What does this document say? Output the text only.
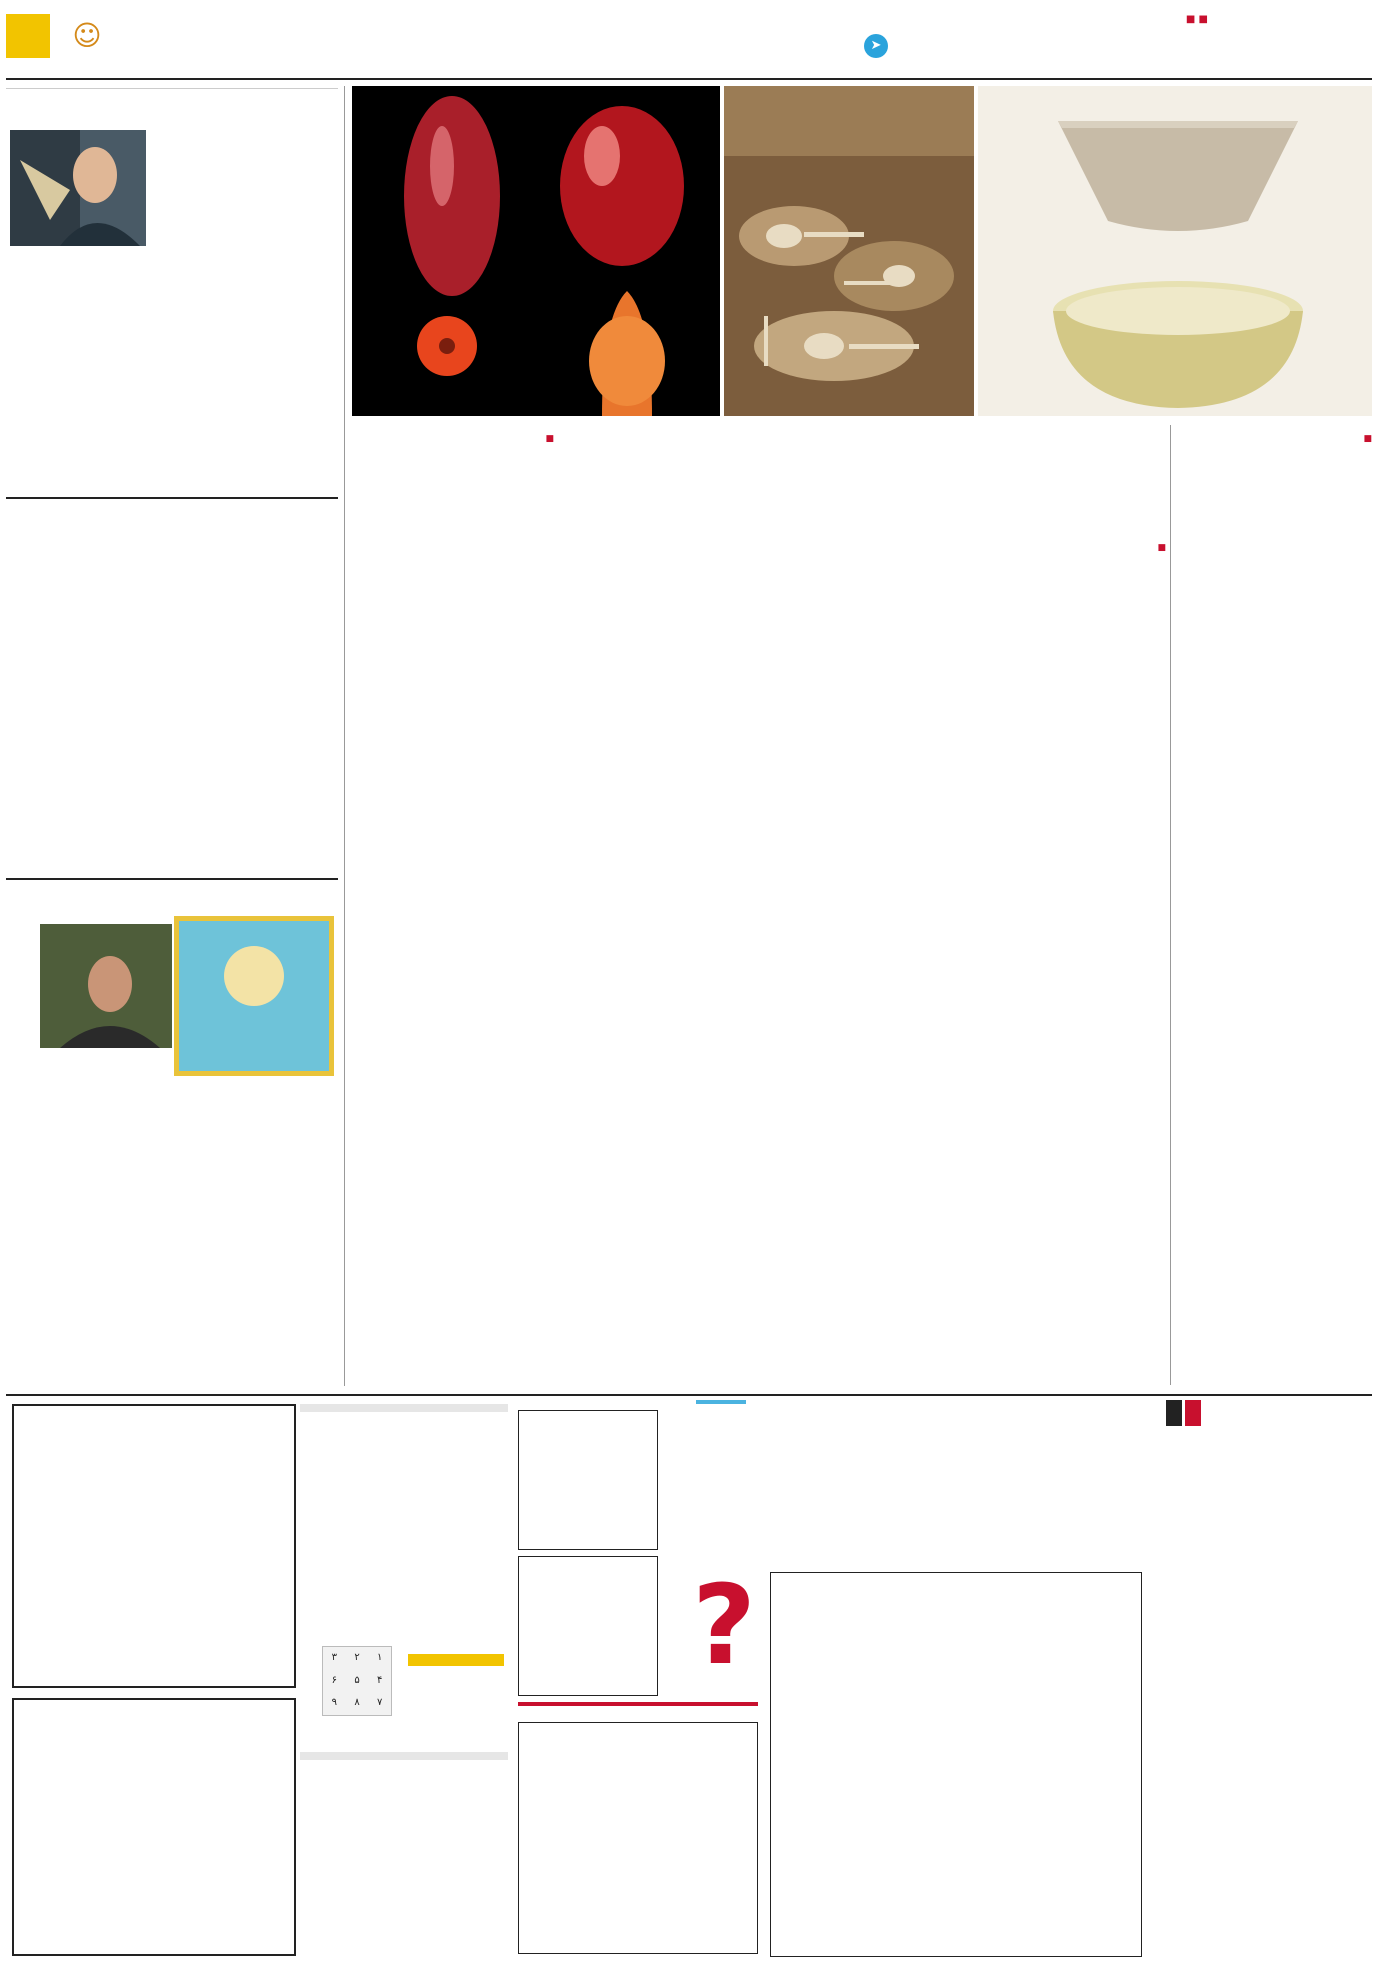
■ ■
➤
☺

■

■

■

?
۱
۲
۳
۴
۵
۶
۷
۸
۹
